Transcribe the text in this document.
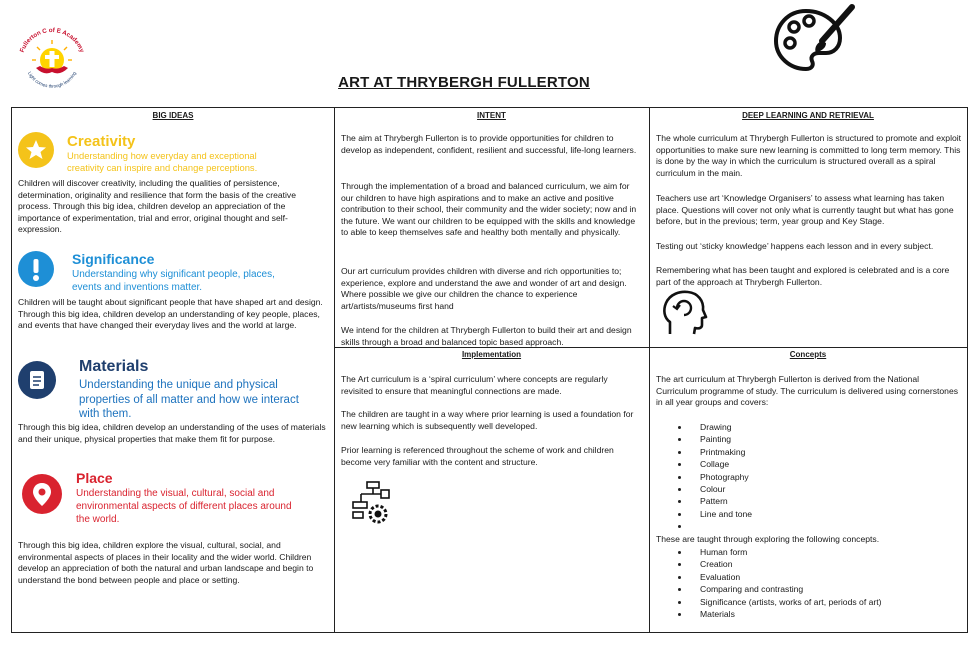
Fullerton C of E Academy
Light comes through learning
ART AT THRYBERGH FULLERTON
BIG IDEAS	INTENT	DEEP LEARNING AND RETRIEVAL
Creativity
Understanding how everyday and exceptional creativity can inspire and change perceptions.

Children will discover creativity, including the qualities of persistence, determination, originality and resilience that form the basis of the creative process. Through this big idea, children develop an appreciation of the importance of experimentation, trial and error, original thought and self-expression.

Significance
Understanding why significant people, places, events and inventions matter.

Children will be taught about significant people that have shaped art and design. Through this big idea, children develop an understanding of key people, places, and events that have changed their everyday lives and the world at large.

Materials
Understanding the unique and physical properties of all matter and how we interact with them.

Through this big idea, children develop an understanding of the uses of materials and their unique, physical properties that make them fit for purpose.

Place
Understanding the visual, cultural, social and environmental aspects of different places around the world.

Through this big idea, children explore the visual, cultural, social, and environmental aspects of places in their locality and the wider world. Children develop an appreciation of both the natural and urban landscape and begin to understand the bond between people and place or setting.

The aim at Thrybergh Fullerton is to provide opportunities for children to develop as independent, confident, resilient and successful, life-long learners.

Through the implementation of a broad and balanced curriculum, we aim for our children to have high aspirations and to make an active and positive contribution to their school, their community and the wider society; now and in the future. We want our children to be equipped with the skills and knowledge to able to keep themselves safe and healthy both mentally and physically.

Our art curriculum provides children with diverse and rich opportunities to; experience, explore and understand the awe and wonder of art and design. Where possible we give our children the chance to experience art/artists/museums first hand

We intend for the children at Thrybergh Fullerton to build their art and design skills through a broad and balanced topic based approach.

Implementation

The Art curriculum is a ‘spiral curriculum’ where concepts are regularly revisited to ensure that meaningful connections are made.

The children are taught in a way where prior learning is used a foundation for new learning which is subsequently well developed.

Prior learning is referenced throughout the scheme of work and children become very familiar with the content and structure.

The whole curriculum at Thrybergh Fullerton is structured to promote and exploit opportunities to make sure new learning is committed to long term memory. This is done by the way in which the curriculum is structured overall as a spiral curriculum in the main.

Teachers use art ‘Knowledge Organisers’ to assess what learning has taken place. Questions will cover not only what is currently taught but what has gone before, but in the previous; term, year group and Key Stage.

Testing out ‘sticky knowledge’ happens each lesson and in every subject.

Remembering what has been taught and explored is celebrated and is a core part of the approach at Thrybergh Fullerton.

Concepts

The art curriculum at Thrybergh Fullerton is derived from the National Curriculum programme of study. The curriculum is delivered using cornerstones in all year groups and covers:

Drawing
Painting
Printmaking
Collage
Photography
Colour
Pattern
Line and tone

These are taught through exploring the following concepts.

Human form
Creation
Evaluation
Comparing and contrasting
Significance (artists, works of art, periods of art)
Materials
